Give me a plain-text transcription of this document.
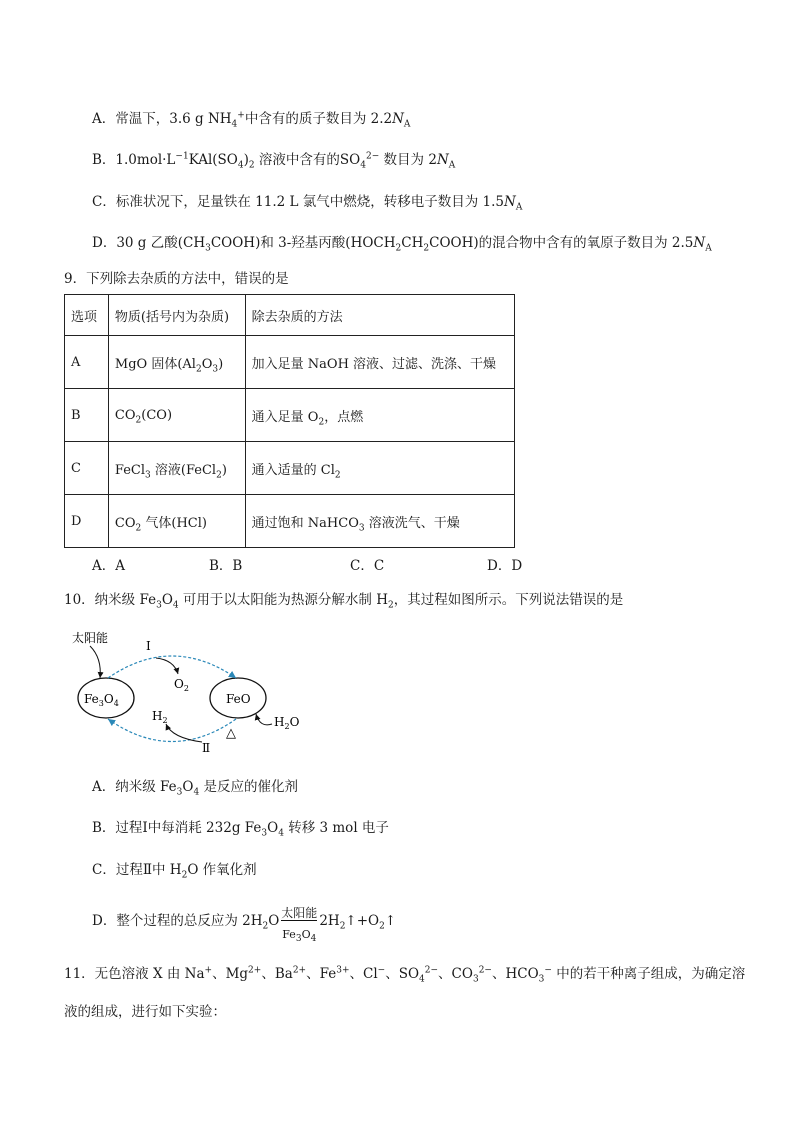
A．常温下，3.6 g $NH_4^+$中含有的质子数目为 $2.2N_A$
B．$1.0mol\cdot L^{-1}KAl(SO_4)_2$ 溶液中含有的$SO_4^{2-}$ 数目为 $2N_A$
C．标准状况下，足量铁在 11.2 L 氯气中燃烧，转移电子数目为 $1.5N_A$
D．30 g 乙酸$(CH_3COOH)$和 3-羟基丙酸$(HOCH_2CH_2COOH)$的混合物中含有的氧原子数目为 $2.5N_A$
9．下列除去杂质的方法中，错误的是
选项	物质(括号内为杂质)	除去杂质的方法
A	MgO 固体$(Al_2O_3)$	加入足量 NaOH 溶液、过滤、洗涤、干燥
B	$CO_2(CO)$	通入足量 $O_2$，点燃
C	FeCl$_3$ 溶液(FeCl$_2$)	通入适量的 $Cl_2$
D	$CO_2$ 气体(HCl)	通过饱和 NaHCO$_3$ 溶液洗气、干燥
A．A	B．B	C．C	D．D
10．纳米级 $Fe_3O_4$ 可用于以太阳能为热源分解水制 $H_2$，其过程如图所示。下列说法错误的是
太阳能
Ⅰ
$O_2$
$Fe_3O_4$	FeO
$H_2O$
$H_2$
Ⅱ
△
A．纳米级 $Fe_3O_4$ 是反应的催化剂
B．过程Ⅰ中每消耗 232g $Fe_3O_4$ 转移 3 mol 电子
C．过程Ⅱ中 $H_2O$ 作氧化剂
D．整个过程的总反应为 $2H_2O$ 太阳能
$Fe_3O_4$
$2H_2↑+O_2↑$
11．无色溶液 X 由 Na+、$Mg^{2+}$、$Ba^{2+}$、$Fe^{3+}$、Cl−、$SO_4^{2-}$、$CO_3^{2-}$、$HCO_3^-$ 中的若干种离子组成，为确定溶
液的组成，进行如下实验：
